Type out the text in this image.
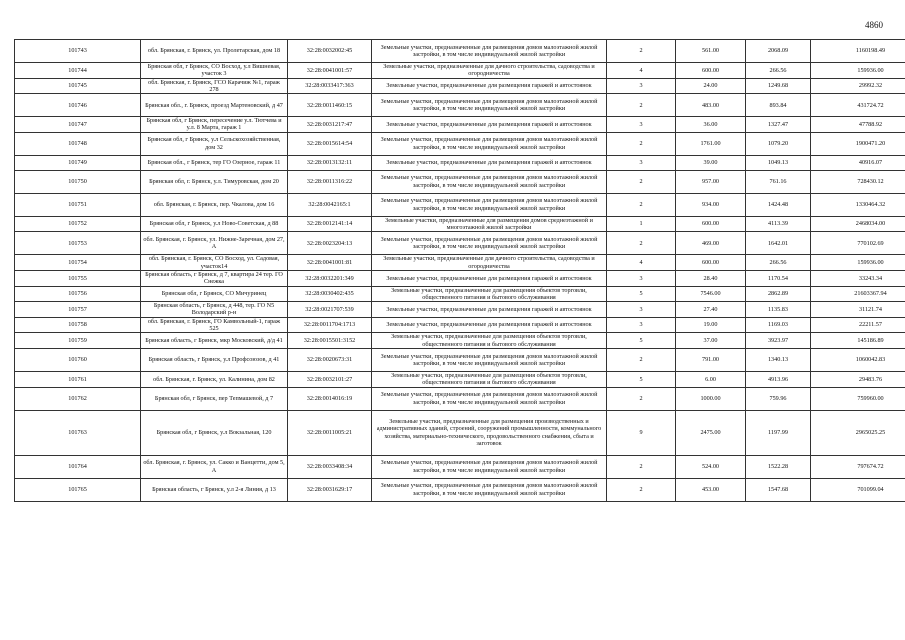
4860
101743	обл. Брянская, г. Брянск, ул. Пролетарская, дом 18	32:28:0032002:45	Земельные участки, предназначенные для размещения домов малоэтажной жилой застройки, в том числе индивидуальной жилой застройки	2	561.00	2068.09	1160198.49
101744	Брянская обл, г Брянск, СО Восход, у.л Вишневая, участок 3	32:28:0041001:57	Земельные участки, предназначенные для дачного строительства, садоводства и огородничества	4	600.00	266.56	159936.00
101745	обл. Брянская, г. Брянск, ГСО Карачиж №1, гараж 278	32:28:0033417:363	Земельные участки, предназначенные для размещения гаражей и автостоянок	3	24.00	1249.68	29992.32
101746	Брянская обл., г. Брянск, проезд Мартеновский, д 47	32:28:0011460:15	Земельные участки, предназначенные для размещения домов малоэтажной жилой застройки, в том числе индивидуальной жилой застройки	2	483.00	893.84	431724.72
101747	Брянская обл, г Брянск, пересечение у.л. Тютчева и у.л. 8 Марта, гараж 1	32:28:0031217:47	Земельные участки, предназначенные для размещения гаражей и автостоянок	3	36.00	1327.47	47788.92
101748	Брянская обл, г Брянск, у.л Сельскохозяйственная, дом 32	32:28:0015614:54	Земельные участки, предназначенные для размещения домов малоэтажной жилой застройки, в том числе индивидуальной жилой застройки	2	1761.00	1079.20	1900471.20
101749	Брянская обл., г Брянск, тер ГО Озерное, гараж 11	32:28:0013132:11	Земельные участки, предназначенные для размещения гаражей и автостоянок	3	39.00	1049.13	40916.07
101750	Брянская обл, г. Брянск, у.л. Тимуровская, дом 20	32:28:0011316:22	Земельные участки, предназначенные для размещения домов малоэтажной жилой застройки, в том числе индивидуальной жилой застройки	2	957.00	761.16	728430.12
101751	обл. Брянская, г. Брянск, пер. Чкалова, дом 16	32:28:0042165:1	Земельные участки, предназначенные для размещения домов малоэтажной жилой застройки, в том числе индивидуальной жилой застройки	2	934.00	1424.48	1330464.32
101752	Брянская обл, г Брянск, у.л Ново-Советская, д 88	32:28:0012141:14	Земельные участки, предназначенные для размещения домов среднеэтажной и многоэтажной жилой застройки	1	600.00	4113.39	2468034.00
101753	обл. Брянская, г. Брянск, ул. Нижне-Заречная, дом 27, А	32:28:0023204:13	Земельные участки, предназначенные для размещения домов малоэтажной жилой застройки, в том числе индивидуальной жилой застройки	2	469.00	1642.01	770102.69
101754	обл. Брянская, г. Брянск, СО Восход, ул. Садовая, участок14	32:28:0041001:81	Земельные участки, предназначенные для дачного строительства, садоводства и огородничества	4	600.00	266.56	159936.00
101755	Брянская область, г Брянск, д 7, квартира 24 тер. ГО Снежка	32:28:0032201:349	Земельные участки, предназначенные для размещения гаражей и автостоянок	3	28.40	1170.54	33243.34
101756	Брянская обл, г Брянск, СО Мичуринец	32:28:0030402:435	Земельные участки, предназначенные для размещения объектов торговли, общественного питания и бытового обслуживания	5	7546.00	2862.89	21603367.94
101757	Брянская область, г Брянск, д 448, тер. ГО N5 Володарский р-н	32:28:0021707:539	Земельные участки, предназначенные для размещения гаражей и автостоянок	3	27.40	1135.83	31121.74
101758	обл. Брянская, г. Брянск, ГО Камвольный-1, гараж 525	32:28:0011704:1713	Земельные участки, предназначенные для размещения гаражей и автостоянок	3	19.00	1169.03	22211.57
101759	Брянская область, г Брянск, мкр Московский, д/д 41	32:28:0015501:3152	Земельные участки, предназначенные для размещения объектов торговли, общественного питания и бытового обслуживания	5	37.00	3923.97	145186.89
101760	Брянская область, г Брянск, у.л Профсоюзов, д 41	32:28:0020673:31	Земельные участки, предназначенные для размещения домов малоэтажной жилой застройки, в том числе индивидуальной жилой застройки	2	791.00	1340.13	1060042.83
101761	обл. Брянская, г. Брянск, ул. Калинина, дом 82	32:28:0032101:27	Земельные участки, предназначенные для размещения объектов торговли, общественного питания и бытового обслуживания	5	6.00	4913.96	29483.76
101762	Брянская обл, г Брянск, пер Тепмашевой, д 7	32:28:0014016:19	Земельные участки, предназначенные для размещения домов малоэтажной жилой застройки, в том числе индивидуальной жилой застройки	2	1000.00	759.96	759960.00
101763	Брянская обл, г Брянск, у.л Вокзальная, 120	32:28:0011005:21	Земельные участки, предназначенные для размещения производственных и административных зданий, строений, сооружений промышленности, коммунального хозяйства, материально-технического, продовольственного снабжения, сбыта и заготовок	9	2475.00	1197.99	2965025.25
101764	обл. Брянская, г. Брянск, ул. Сакко и Ванцетти, дом 5, А	32:28:0033408:34	Земельные участки, предназначенные для размещения домов малоэтажной жилой застройки, в том числе индивидуальной жилой застройки	2	524.00	1522.28	797674.72
101765	Брянская область, г Брянск, у.л 2-я Линия, д 13	32:28:0031629:17	Земельные участки, предназначенные для размещения домов малоэтажной жилой застройки, в том числе индивидуальной жилой застройки	2	453.00	1547.68	701099.04
